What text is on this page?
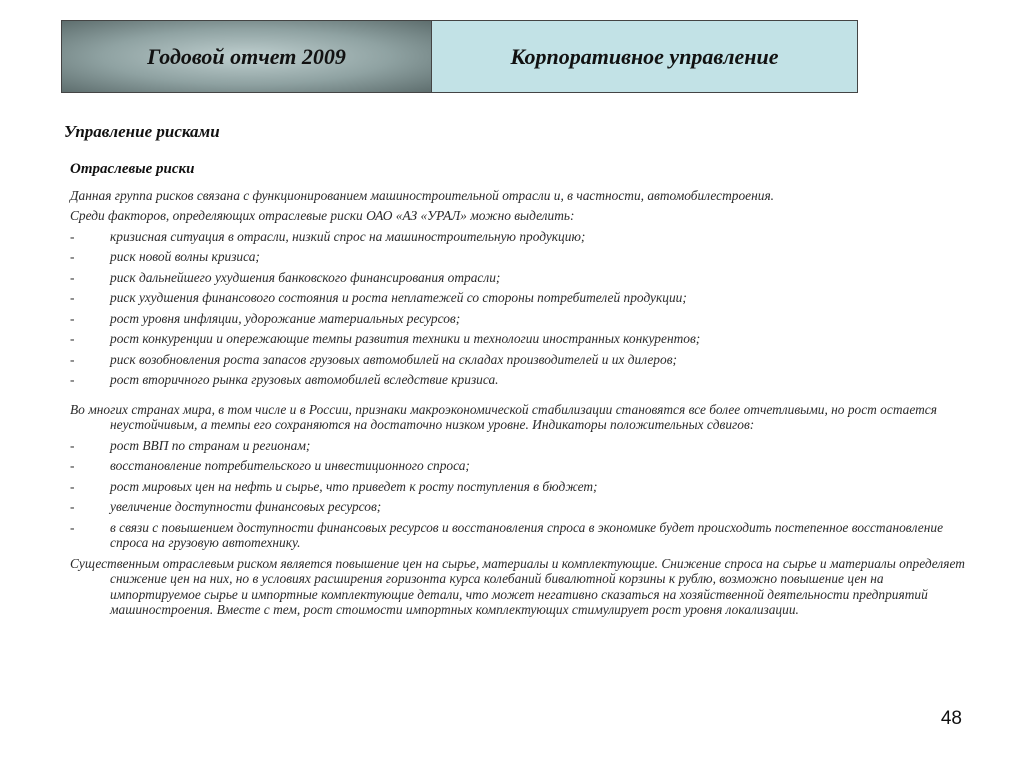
Годовой отчет 2009	Корпоративное управление
Управление рисками
Отраслевые риски
Данная группа рисков связана с функционированием машиностроительной отрасли и, в частности, автомобилестроения.
Среди факторов, определяющих отраслевые риски ОАО «АЗ «УРАЛ» можно выделить:
-	кризисная ситуация в отрасли, низкий спрос на машиностроительную продукцию;
-	риск новой волны кризиса;
-	риск дальнейшего ухудшения банковского финансирования отрасли;
-	риск ухудшения финансового состояния и роста неплатежей со стороны потребителей продукции;
-	рост уровня инфляции, удорожание материальных ресурсов;
-	рост конкуренции и опережающие темпы развития техники и технологии иностранных конкурентов;
-	риск возобновления роста запасов грузовых автомобилей на складах производителей и их дилеров;
-	рост вторичного рынка грузовых автомобилей вследствие кризиса.
Во многих странах мира, в том числе и в России, признаки макроэкономической стабилизации становятся все более отчетливыми, но рост остается неустойчивым, а темпы его сохраняются на достаточно низком уровне. Индикаторы положительных сдвигов:
-	рост ВВП по странам и регионам;
-	восстановление потребительского и инвестиционного спроса;
-	рост мировых цен на нефть и сырье, что приведет к росту поступления в бюджет;
-	увеличение доступности финансовых ресурсов;
-	в связи с повышением доступности финансовых ресурсов и восстановления спроса в экономике будет происходить постепенное восстановление спроса на грузовую автотехнику.
Существенным отраслевым риском является повышение цен на сырье, материалы и комплектующие. Снижение спроса на сырье и материалы определяет снижение цен на них, но в условиях расширения горизонта курса колебаний бивалютной корзины к рублю, возможно повышение цен на импортируемое сырье и импортные комплектующие детали, что может негативно сказаться на хозяйственной деятельности предприятий машиностроения. Вместе с тем, рост стоимости импортных комплектующих стимулирует рост уровня локализации.
48
